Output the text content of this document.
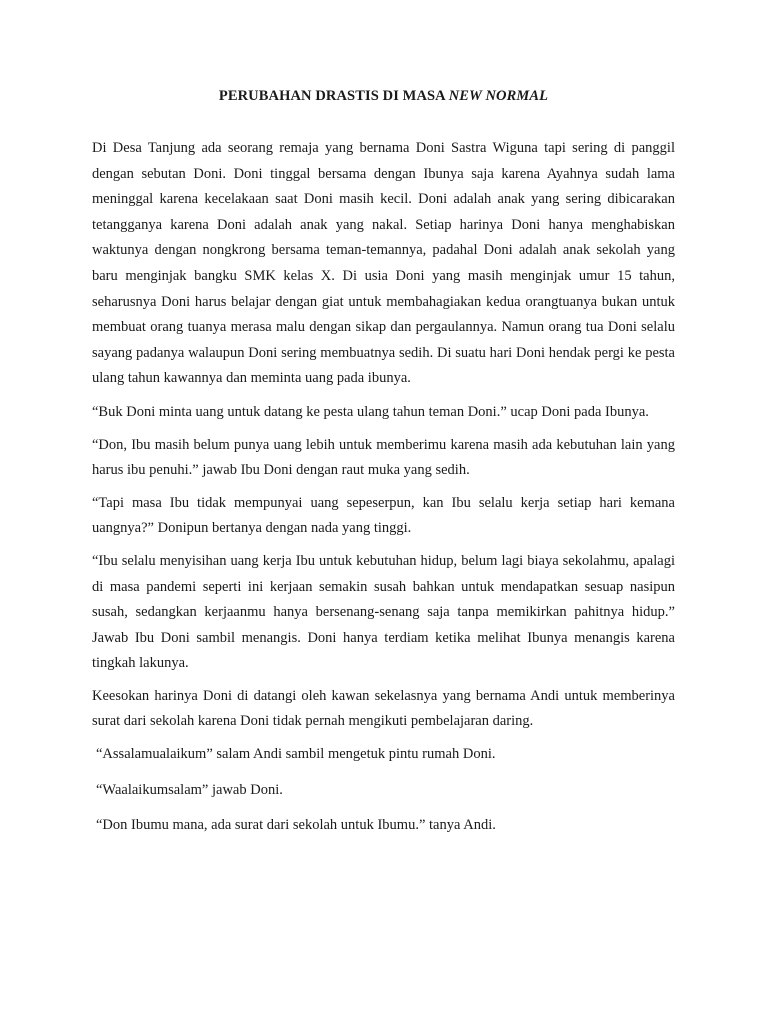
PERUBAHAN DRASTIS DI MASA NEW NORMAL

Di Desa Tanjung ada seorang remaja yang bernama Doni Sastra Wiguna tapi sering di panggil dengan sebutan Doni. Doni tinggal bersama dengan Ibunya saja karena Ayahnya sudah lama meninggal karena kecelakaan saat Doni masih kecil. Doni adalah anak yang sering dibicarakan tetangganya karena Doni adalah anak yang nakal. Setiap harinya Doni hanya menghabiskan waktunya dengan nongkrong bersama teman-temannya, padahal Doni adalah anak sekolah yang baru menginjak bangku SMK kelas X. Di usia Doni yang masih menginjak umur 15 tahun, seharusnya Doni harus belajar dengan giat untuk membahagiakan kedua orangtuanya bukan untuk membuat orang tuanya merasa malu dengan sikap dan pergaulannya. Namun orang tua Doni selalu sayang padanya walaupun Doni sering membuatnya sedih. Di suatu hari Doni hendak pergi ke pesta ulang tahun kawannya dan meminta uang pada ibunya.

“Buk Doni minta uang untuk datang ke pesta ulang tahun teman Doni.” ucap Doni pada Ibunya.

“Don, Ibu masih belum punya uang lebih untuk memberimu karena masih ada kebutuhan lain yang harus ibu penuhi.” jawab Ibu Doni dengan raut muka yang sedih.

“Tapi masa Ibu tidak mempunyai uang sepeserpun, kan Ibu selalu kerja setiap hari kemana uangnya?” Donipun bertanya dengan nada yang tinggi.

“Ibu selalu menyisihan uang kerja Ibu untuk kebutuhan hidup, belum lagi biaya sekolahmu, apalagi di masa pandemi seperti ini kerjaan semakin susah bahkan untuk mendapatkan sesuap nasipun susah, sedangkan kerjaanmu hanya bersenang-senang saja tanpa memikirkan pahitnya hidup.” Jawab Ibu Doni sambil menangis. Doni hanya terdiam ketika melihat Ibunya menangis karena tingkah lakunya.

Keesokan harinya Doni di datangi oleh kawan sekelasnya yang bernama Andi untuk memberinya surat dari sekolah karena Doni tidak pernah mengikuti pembelajaran daring.

“Assalamualaikum” salam Andi sambil mengetuk pintu rumah Doni.

“Waalaikumsalam” jawab Doni.

“Don Ibumu mana, ada surat dari sekolah untuk Ibumu.” tanya Andi.
